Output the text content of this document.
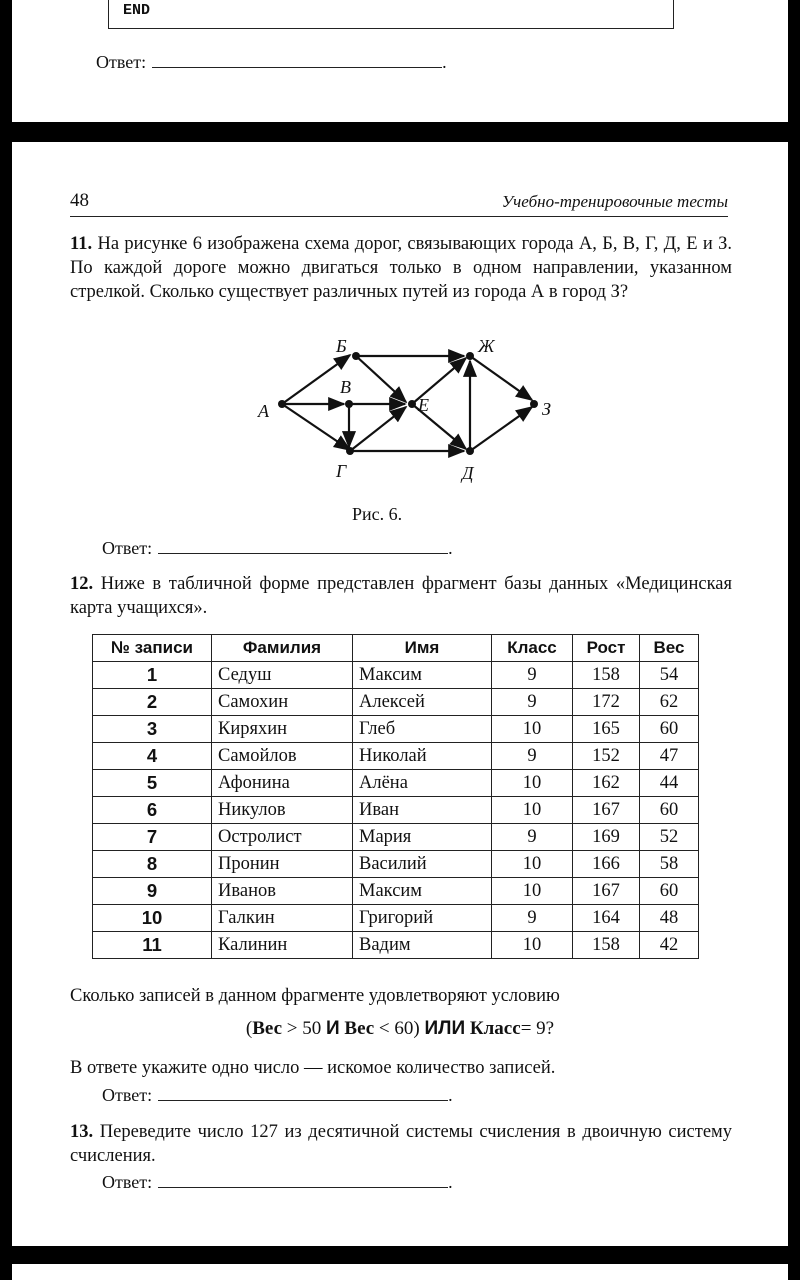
END
Ответ:	.
48	Учебно-тренировочные тесты
11. На рисунке 6 изображена схема дорог, связывающих города А, Б, В, Г, Д, Е и З. По каждой дороге можно двигаться только в одном направлении, указанном стрелкой. Сколько существует различных путей из города А в город З?
А
Б
В
Г
Е
Ж
Д
З
Рис. 6.
Ответ:	.
12. Ниже в табличной форме представлен фрагмент базы данных «Медицинская карта учащихся».
№ записи	Фамилия	Имя	Класс	Рост	Вес
1	Седуш	Максим	9	158	54
2	Самохин	Алексей	9	172	62
3	Киряхин	Глеб	10	165	60
4	Самойлов	Николай	9	152	47
5	Афонина	Алёна	10	162	44
6	Никулов	Иван	10	167	60
7	Остролист	Мария	9	169	52
8	Пронин	Василий	10	166	58
9	Иванов	Максим	10	167	60
10	Галкин	Григорий	9	164	48
11	Калинин	Вадим	10	158	42
Сколько записей в данном фрагменте удовлетворяют условию
(Вес > 50 И Вес < 60) ИЛИ Класс= 9?
В ответе укажите одно число — искомое количество записей.
Ответ:	.
13. Переведите число 127 из десятичной системы счисления в двоичную систему счисления.
Ответ:	.
